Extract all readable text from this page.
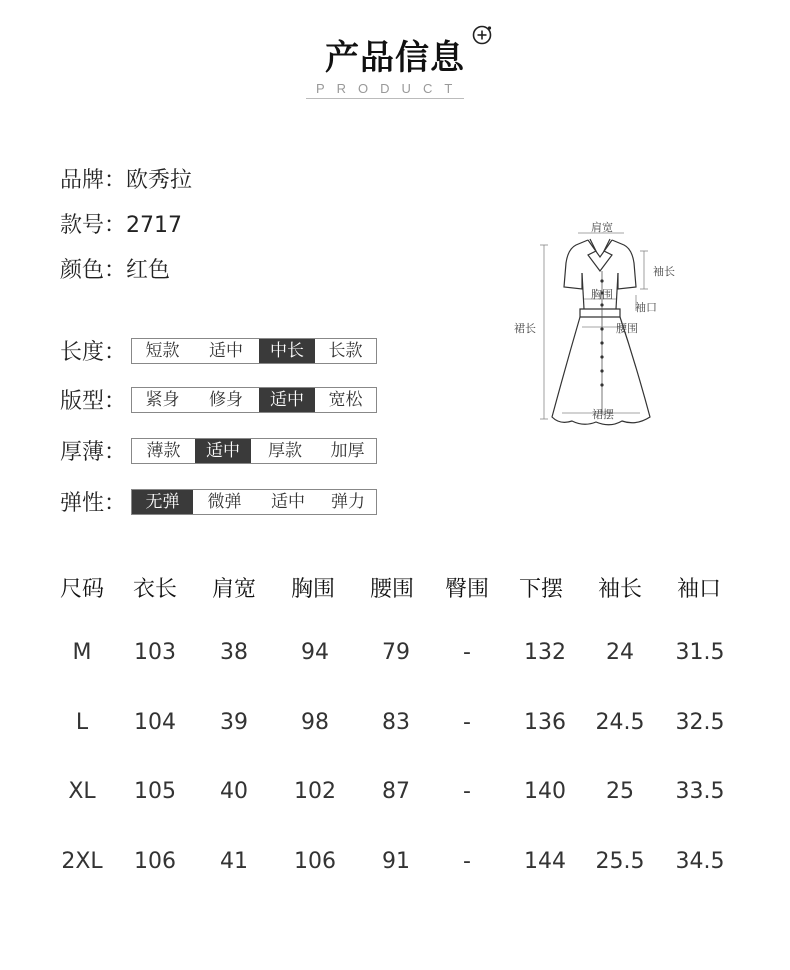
产品信息
PRODUCT
品牌：欧秀拉
款号：2717
颜色：红色
长度：	短款	适中	中长	长款
版型：	紧身	修身	适中	宽松
厚薄：	薄款	适中	厚款	加厚
弹性：	无弹	微弹	适中	弹力
肩宽
袖长
胸围
袖口
裙长	腰围
裙摆
尺码	衣长	肩宽	胸围	腰围	臀围	下摆	袖长	袖口
M	103	38	94	79	-	132	24	31.5
L	104	39	98	83	-	136	24.5	32.5
XL	105	40	102	87	-	140	25	33.5
2XL	106	41	106	91	-	144	25.5	34.5
